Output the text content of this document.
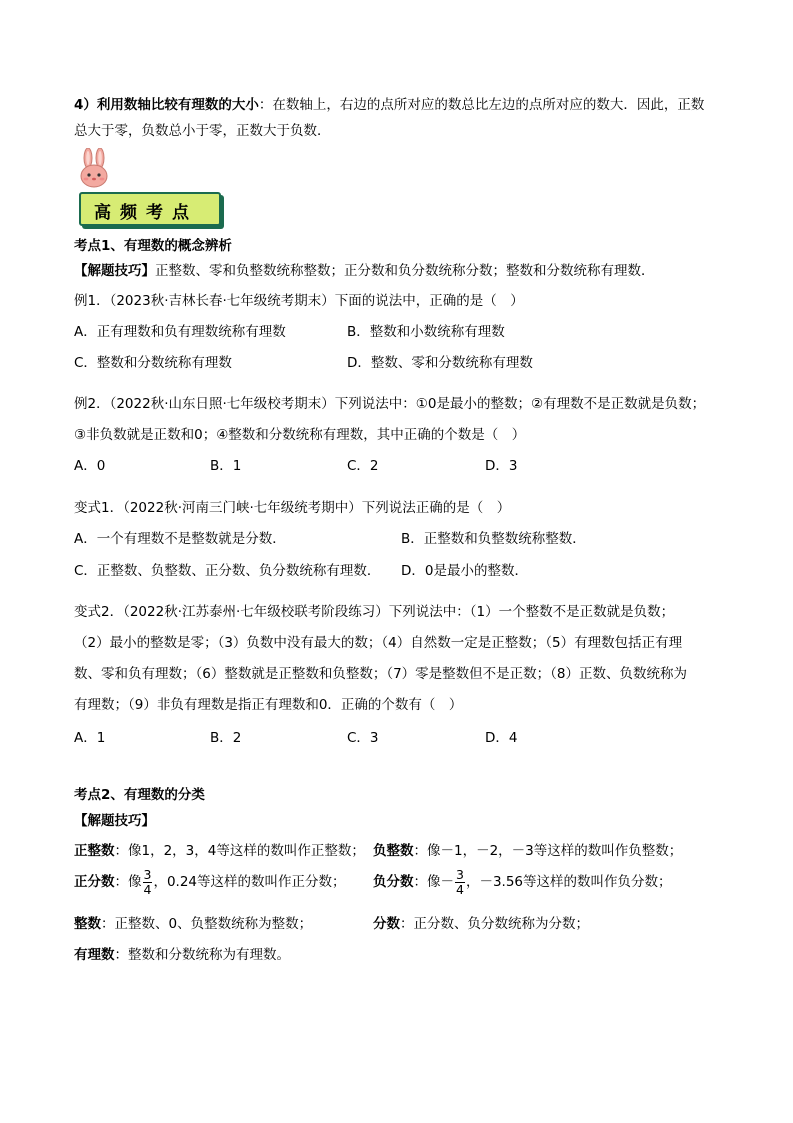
4）利用数轴比较有理数的大小：在数轴上，右边的点所对应的数总比左边的点所对应的数大．因此，正数
总大于零，负数总小于零，正数大于负数．
高频考点
考点1、有理数的概念辨析
【解题技巧】正整数、零和负整数统称整数；正分数和负分数统称分数；整数和分数统称有理数．
例1．（2023秋·吉林长春·七年级统考期末）下面的说法中，正确的是（　）
A．正有理数和负有理数统称有理数	B．整数和小数统称有理数
C．整数和分数统称有理数	D．整数、零和分数统称有理数
例2．（2022秋·山东日照·七年级校考期末）下列说法中：①0是最小的整数；②有理数不是正数就是负数；
③非负数就是正数和0；④整数和分数统称有理数，其中正确的个数是（　）
A．0	B．1	C．2	D．3
变式1．（2022秋·河南三门峡·七年级统考期中）下列说法正确的是（　）
A．一个有理数不是整数就是分数．	B．正整数和负整数统称整数．
C．正整数、负整数、正分数、负分数统称有理数． D．0是最小的整数．
变式2．（2022秋·江苏泰州·七年级校联考阶段练习）下列说法中：（1）一个整数不是正数就是负数；
（2）最小的整数是零；（3）负数中没有最大的数；（4）自然数一定是正整数；（5）有理数包括正有理
数、零和负有理数；（6）整数就是正整数和负整数；（7）零是整数但不是正数；（8）正数、负数统称为
有理数；（9）非负有理数是指正有理数和0．正确的个数有（　）
A．1	B．2	C．3	D．4
考点2、有理数的分类
【解题技巧】
正整数：像1，2，3，4等这样的数叫作正整数； 负整数：像－1，－2，－3等这样的数叫作负整数；
正分数：像 $\frac{3}{4}$ ，0.24等这样的数叫作正分数； 负分数：像－ $\frac{3}{4}$ ，－3.56等这样的数叫作负分数；
整数：正整数、0、负整数统称为整数；	分数：正分数、负分数统称为分数；
有理数：整数和分数统称为有理数。
